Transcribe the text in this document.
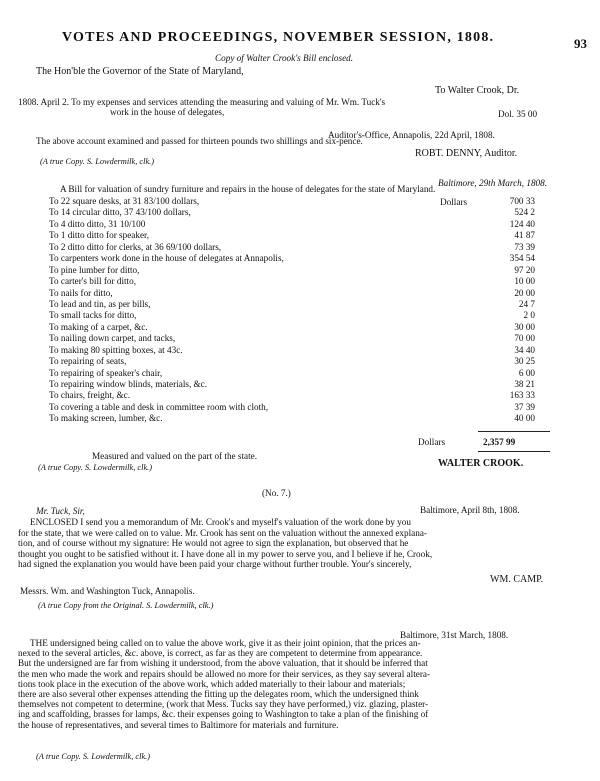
VOTES AND PROCEEDINGS, NOVEMBER SESSION, 1808.	93
Copy of Walter Crook's Bill enclosed.
The Hon'ble the Governor of the State of Maryland,
To Walter Crook, Dr.
1808. April 2. To my expenses and services attending the measuring and valuing of Mr. Wm. Tuck's
work in the house of delegates,	Dol. 35 00
Auditor's-Office, Annapolis, 22d April, 1808.
The above account examined and passed for thirteen pounds two shillings and six-pence.
(A true Copy. S. Lowdermilk, clk.)
ROBT. DENNY, Auditor.
Baltimore, 29th March, 1808.
A Bill for valuation of sundry furniture and repairs in the house of delegates for the state of Maryland.
Dollars
To 22 square desks, at 31 83/100 dollars,	700 33
To 14 circular ditto, 37 43/100 dollars,	524 2
To 4 ditto ditto, 31 10/100	124 40
To 1 ditto ditto for speaker,	41 87
To 2 ditto ditto for clerks, at 36 69/100 dollars,	73 39
To carpenters work done in the house of delegates at Annapolis,	354 54
To pine lumber for ditto,	97 20
To carter's bill for ditto,	10 00
To nails for ditto,	20 00
To lead and tin, as per bills,	24 7
To small tacks for ditto,	2 0
To making of a carpet, &c.	30 00
To nailing down carpet, and tacks,	70 00
To making 80 spitting boxes, at 43c.	34 40
To repairing of seats,	30 25
To repairing of speaker's chair,	6 00
To repairing window blinds, materials, &c.	38 21
To chairs, freight, &c.	163 33
To covering a table and desk in committee room with cloth,	37 39
To making screen, lumber, &c.	40 00
Dollars	2,357 99
Measured and valued on the part of the state.
(A true Copy. S. Lowdermilk, clk.)	WALTER CROOK.
(No. 7.)
Mr. Tuck, Sir,	Baltimore, April 8th, 1808.
ENCLOSED I send you a memorandum of Mr. Crook's and myself's valuation of the work done by you
for the state, that we were called on to value. Mr. Crook has sent on the valuation without the annexed explana-
tion, and of course without my signature: He would not agree to sign the explanation, but observed that he
thought you ought to be satisfied without it. I have done all in my power to serve you, and I believe if he, Crook,
had signed the explanation you would have been paid your charge without further trouble. Your's sincerely,
WM. CAMP.
Messrs. Wm. and Washington Tuck, Annapolis.
(A true Copy from the Original. S. Lowdermilk, clk.)
Baltimore, 31st March, 1808.
THE undersigned being called on to value the above work, give it as their joint opinion, that the prices an-
nexed to the several articles, &c. above, is correct, as far as they are competent to determine from appearance.
But the undersigned are far from wishing it understood, from the above valuation, that it should be inferred that
the men who made the work and repairs should be allowed no more for their services, as they say several altera-
tions took place in the execution of the above work, which added materially to their labour and materials;
there are also several other expenses attending the fitting up the delegates room, which the undersigned think
themselves not competent to determine, (work that Mess. Tucks say they have performed,) viz. glazing, plaster-
ing and scaffolding, brasses for lamps, &c. their expenses going to Washington to take a plan of the finishing of
the house of representatives, and several times to Baltimore for materials and furniture.
(A true Copy. S. Lowdermilk, clk.)
